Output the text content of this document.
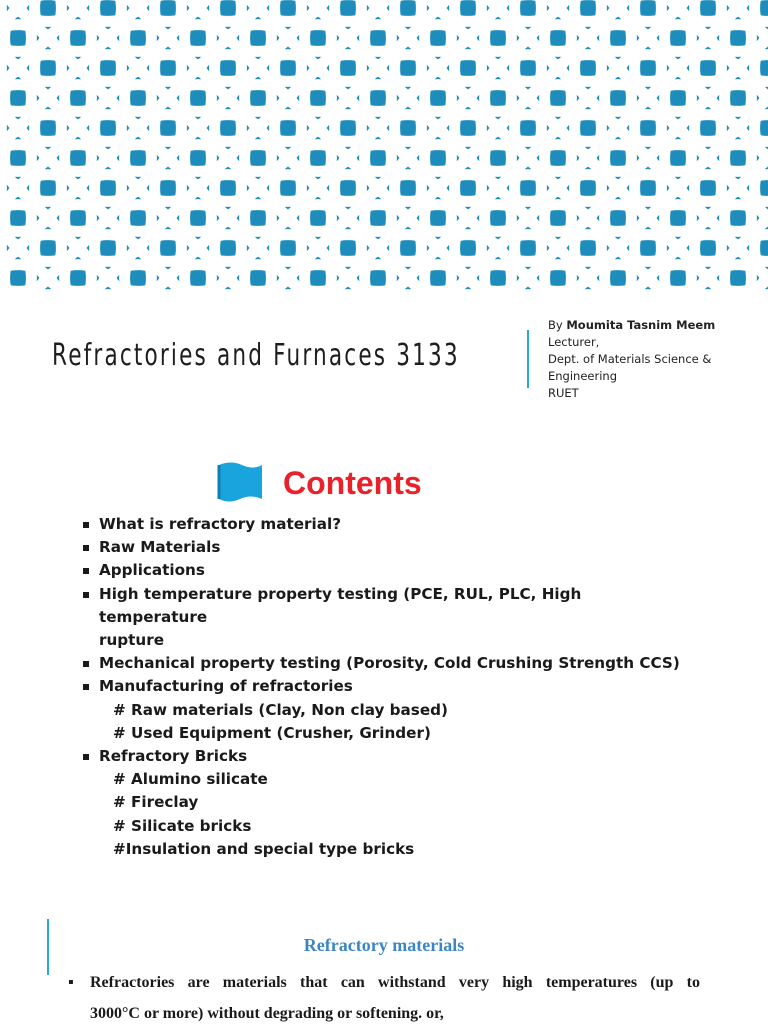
Refractories and Furnaces 3133
By Moumita Tasnim Meem
Lecturer,
Dept. of Materials Science & Engineering
RUET
Contents
What is refractory material?
Raw Materials
Applications
High temperature property testing (PCE, RUL, PLC, High temperature
rupture
Mechanical property testing (Porosity, Cold Crushing Strength CCS)
Manufacturing of refractories
# Raw materials (Clay, Non clay based)
# Used Equipment (Crusher, Grinder)
Refractory Bricks
# Alumino silicate
# Fireclay
# Silicate bricks
#Insulation and special type bricks
Refractory materials
▪	Refractories are materials that can withstand very high temperatures (up to
3000°C or more) without degrading or softening. or,
